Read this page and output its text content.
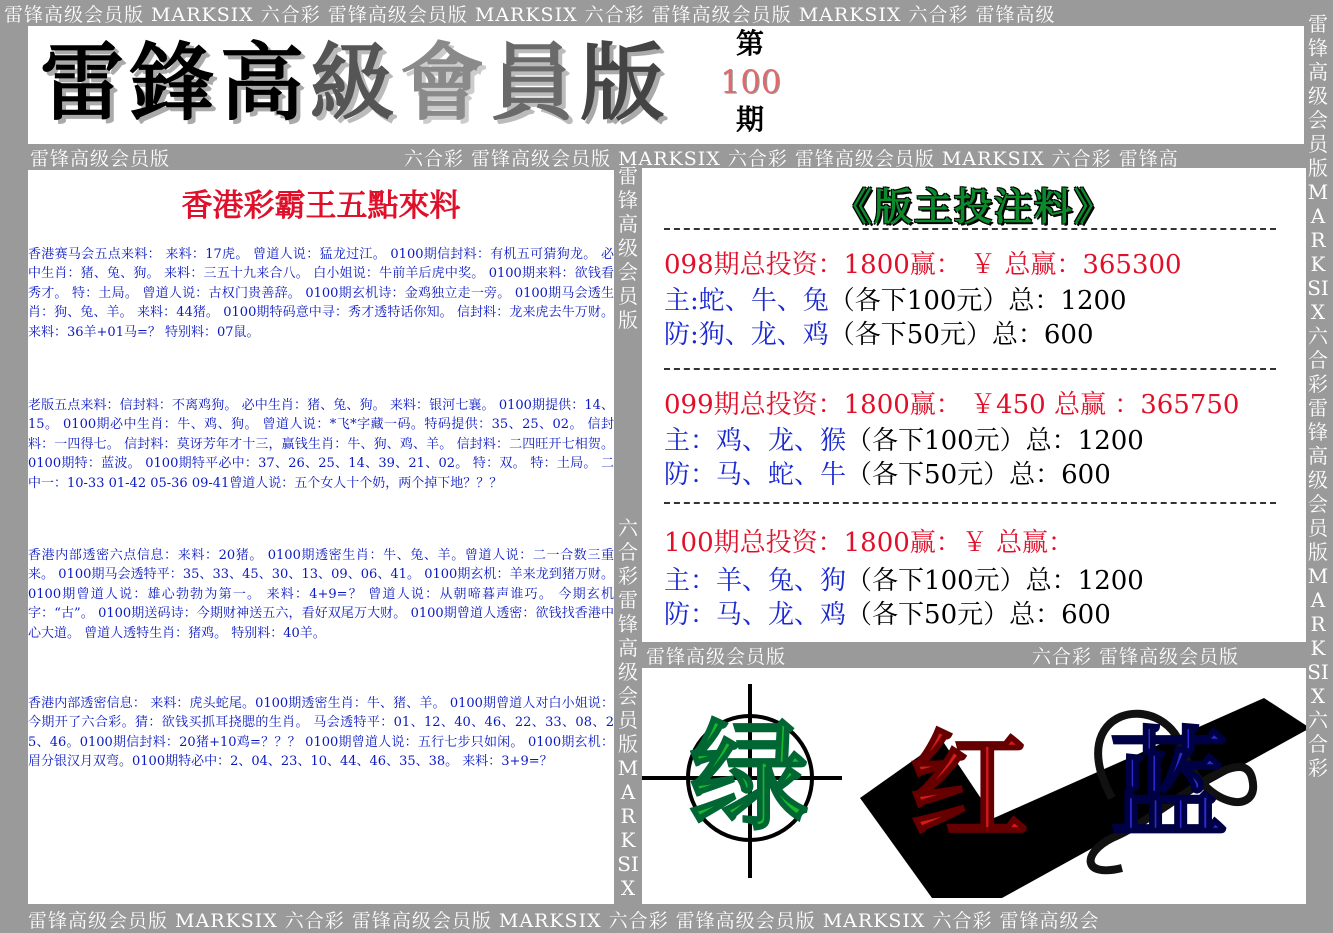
雷锋高级会员版 MARKSIX 六合彩 雷锋高级会员版 MARKSIX 六合彩 雷锋高级会员版 MARKSIX 六合彩 雷锋高级
雷鋒高級會員版	第
100
期
雷锋高级会员版	六合彩 雷锋高级会员版 MARKSIX 六合彩 雷锋高级会员版 MARKSIX 六合彩 雷锋高
雷锋高级会员版MARKSIX六合彩雷锋高级会员版MARKSIX六合彩
雷锋高级会员版
六合彩雷锋高级会员版MARKSIX
香港彩霸王五點來料
香港赛马会五点来料： 来料：17虎。 曾道人说：猛龙过江。 0100期信封料：有机五可猜狗龙。 必中生肖：猪、兔、狗。 来料：三五十九来合八。 白小姐说：牛前羊后虎中奖。 0100期来料：欲钱看秀才。 特：土局。 曾道人说：古权门贵善辞。 0100期玄机诗：金鸡独立走一旁。 0100期马会透生肖：狗、兔、羊。 来料：44猪。 0100期特码意中寻：秀才透特话你知。 信封料：龙来虎去牛万财。 来料：36羊+01马=？ 特别料：07鼠。
老版五点来料：信封料：不离鸡狗。 必中生肖：猪、兔、狗。 来料：银河七襄。 0100期提供：14、15。 0100期必中生肖：牛、鸡、狗。 曾道人说：*飞*字藏一码。特码提供：35、25、02。 信封料：一四得七。 信封料：莫讶芳年才十三，赢钱生肖：牛、狗、鸡、羊。 信封料：二四旺开七相贺。 0100期特：蓝波。 0100期特平必中：37、26、25、14、39、21、02。 特：双。 特：土局。 二中一：10-33 01-42 05-36 09-41曾道人说：五个女人十个奶，两个掉下地？？？
香港内部透密六点信息：来料：20猪。 0100期透密生肖：牛、兔、羊。曾道人说：二一合数三重来。 0100期马会透特平：35、33、45、30、13、09、06、41。 0100期玄机：羊来龙到猪万财。 0100期曾道人说：雄心勃勃为第一。 来料：4+9=？ 曾道人说：从朝啼暮声谁巧。 今期玄机字：“古”。 0100期送码诗：今期财神送五六，看好双尾万大财。 0100期曾道人透密：欲钱找香港中心大道。 曾道人透特生肖：猪鸡。 特别料：40羊。
香港内部透密信息： 来料：虎头蛇尾。0100期透密生肖：牛、猪、羊。 0100期曾道人对白小姐说：今期开了六合彩。猜：欲钱买抓耳挠腮的生肖。 马会透特平：01、12、40、46、22、33、08、25、46。0100期信封料：20猪+10鸡=？？？ 0100期曾道人说：五行七步只如闲。 0100期玄机：眉分银汉月双弯。0100期特必中：2、04、23、10、44、46、35、38。 来料：3+9=？
《版主投注料》
098期总投资：1800赢： ￥ 总赢：365300
主:蛇、牛、兔（各下100元）总：1200
防:狗、龙、鸡（各下50元）总：600
099期总投资：1800赢： ￥450 总赢 ：365750
主：鸡、龙、猴（各下100元）总：1200
防：马、蛇、牛（各下50元）总：600
100期总投资：1800赢：￥ 总赢：
主：羊、兔、狗（各下100元）总：1200
防：马、龙、鸡（各下50元）总：600
雷锋高级会员版	六合彩 雷锋高级会员版
绿 红 蓝
雷锋高级会员版 MARKSIX 六合彩 雷锋高级会员版 MARKSIX 六合彩 雷锋高级会员版 MARKSIX 六合彩 雷锋高级会
